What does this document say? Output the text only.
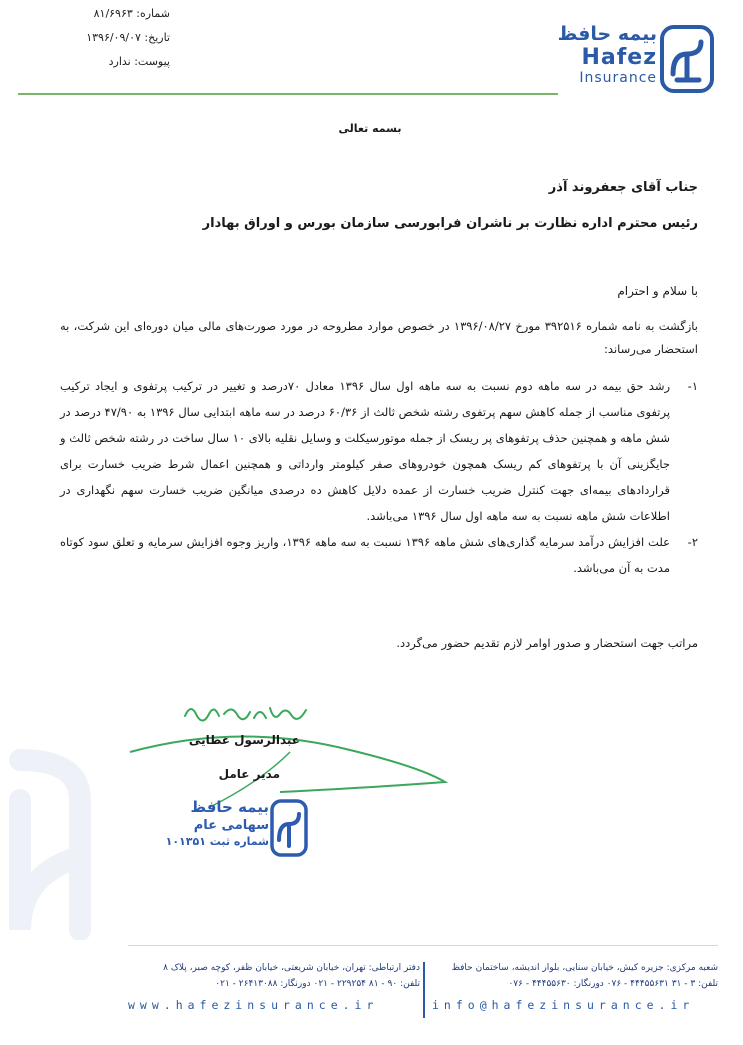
شماره: ۸۱/۶۹۶۳
تاریخ: ۱۳۹۶/۰۹/۰۷
پیوست: ندارد
بیمه حافظ
Hafez
Insurance
بسمه تعالی
جناب آقای جعفروند آذر
رئیس محترم اداره نظارت بر ناشران فرابورسی سازمان بورس و اوراق بهادار
با سلام و احترام
بازگشت به نامه شماره ۳۹۲۵۱۶ مورخ ۱۳۹۶/۰۸/۲۷ در خصوص موارد مطروحه در مورد صورت‌های مالی میان دوره‌ای این شرکت، به استحضار می‌رساند:
۱-
رشد حق بیمه در سه ماهه دوم نسبت به سه ماهه اول سال ۱۳۹۶ معادل ۷۰درصد و تغییر در ترکیب پرتفوی و ایجاد ترکیب پرتفوی مناسب از جمله کاهش سهم پرتفوی رشته شخص ثالث از ۶۰/۳۶ درصد در سه ماهه ابتدایی سال ۱۳۹۶ به ۴۷/۹۰ درصد در شش ماهه و همچنین حذف پرتفوهای پر ریسک از جمله موتورسیکلت و وسایل نقلیه بالای ۱۰ سال ساخت در رشته شخص ثالث و جایگزینی آن با پرتفوهای کم ریسک همچون خودروهای صفر کیلومتر وارداتی و همچنین اعمال شرط ضریب خسارت برای قراردادهای بیمه‌ای جهت کنترل ضریب خسارت از عمده دلایل کاهش ده درصدی میانگین ضریب خسارت سهم نگهداری در اطلاعات شش ماهه نسبت به سه ماهه اول سال ۱۳۹۶ می‌باشد.
۲-
علت افزایش درآمد سرمایه گذاری‌های شش ماهه ۱۳۹۶ نسبت به سه ماهه ۱۳۹۶، واریز وجوه افزایش سرمایه و تعلق سود کوتاه مدت به آن می‌باشد.
مراتب جهت استحضار و صدور اوامر لازم تقدیم حضور می‌گردد.
عبدالرسول عطایی
مدیر عامل
بیمه حافظ
سهامی عام
شماره ثبت ۱۰۱۳۵۱
شعبه مرکزی: جزیره کیش، خیابان سنایی، بلوار اندیشه، ساختمان حافظ
تلفن: ۳ - ۳۱ ۴۴۴۵۵۶۳۱ - ۰۷۶ دورنگار: ۴۴۴۵۵۶۳۰ - ۰۷۶
دفتر ارتباطی: تهران، خیابان شریعتی، خیابان ظفر، کوچه صبر، پلاک ۸
تلفن: ۹۰ - ۸۱ ۲۲۹۲۵۴ - ۰۲۱ دورنگار: ۲۶۴۱۳۰۸۸ - ۰۲۱
www.hafezinsurance.ir	info@hafezinsurance.ir
